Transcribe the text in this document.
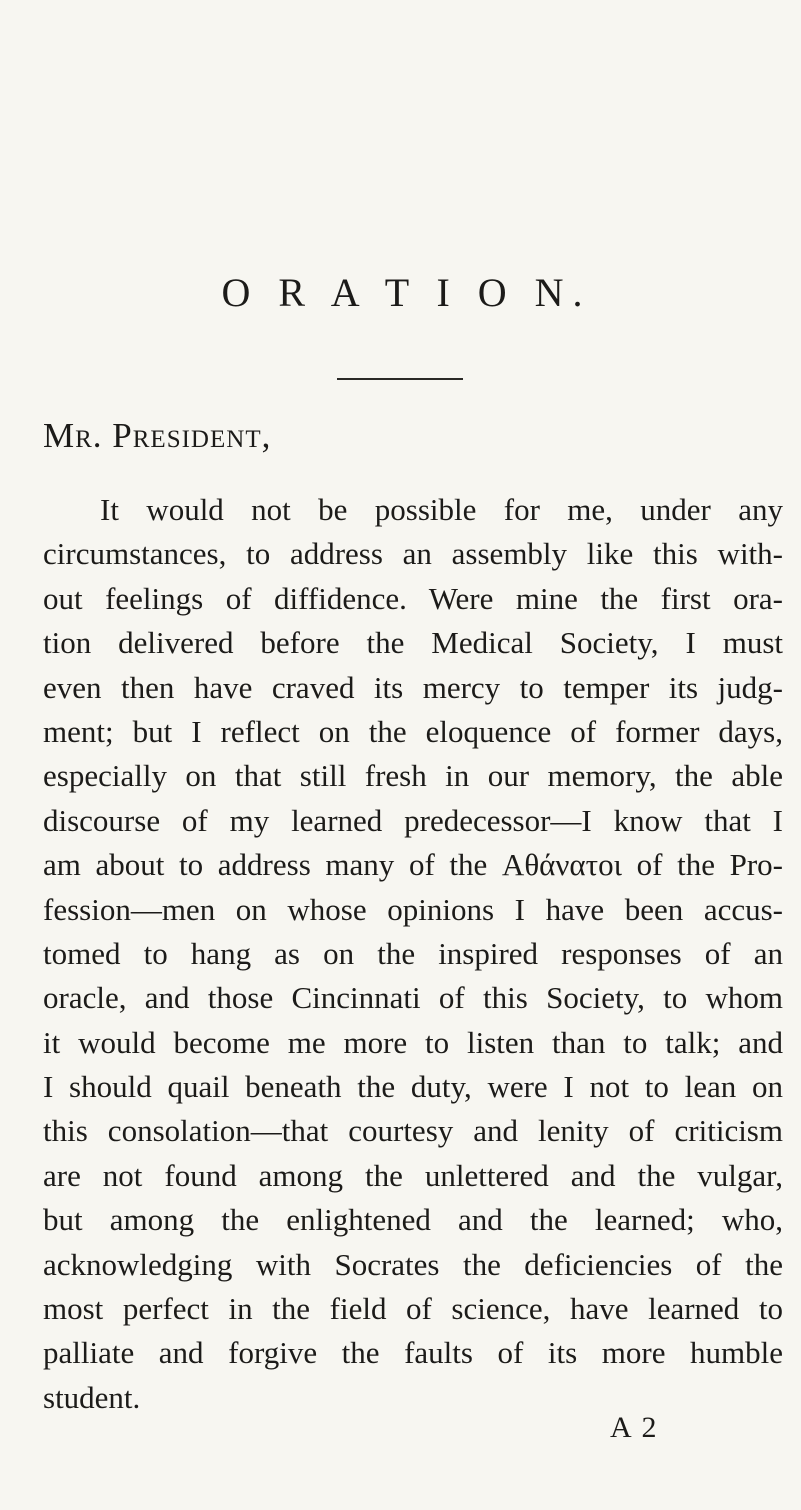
O R A T I O N.
Mr. President,
It would not be possible for me, under any
circumstances, to address an assembly like this with-
out feelings of diffidence. Were mine the first ora-
tion delivered before the Medical Society, I must
even then have craved its mercy to temper its judg-
ment; but I reflect on the eloquence of former days,
especially on that still fresh in our memory, the able
discourse of my learned predecessor—I know that I
am about to address many of the Αθάνατοι of the Pro-
fession—men on whose opinions I have been accus-
tomed to hang as on the inspired responses of an
oracle, and those Cincinnati of this Society, to whom
it would become me more to listen than to talk; and
I should quail beneath the duty, were I not to lean on
this consolation—that courtesy and lenity of criticism
are not found among the unlettered and the vulgar,
but among the enlightened and the learned; who,
acknowledging with Socrates the deficiencies of the
most perfect in the field of science, have learned to
palliate and forgive the faults of its more humble
student.
A 2
